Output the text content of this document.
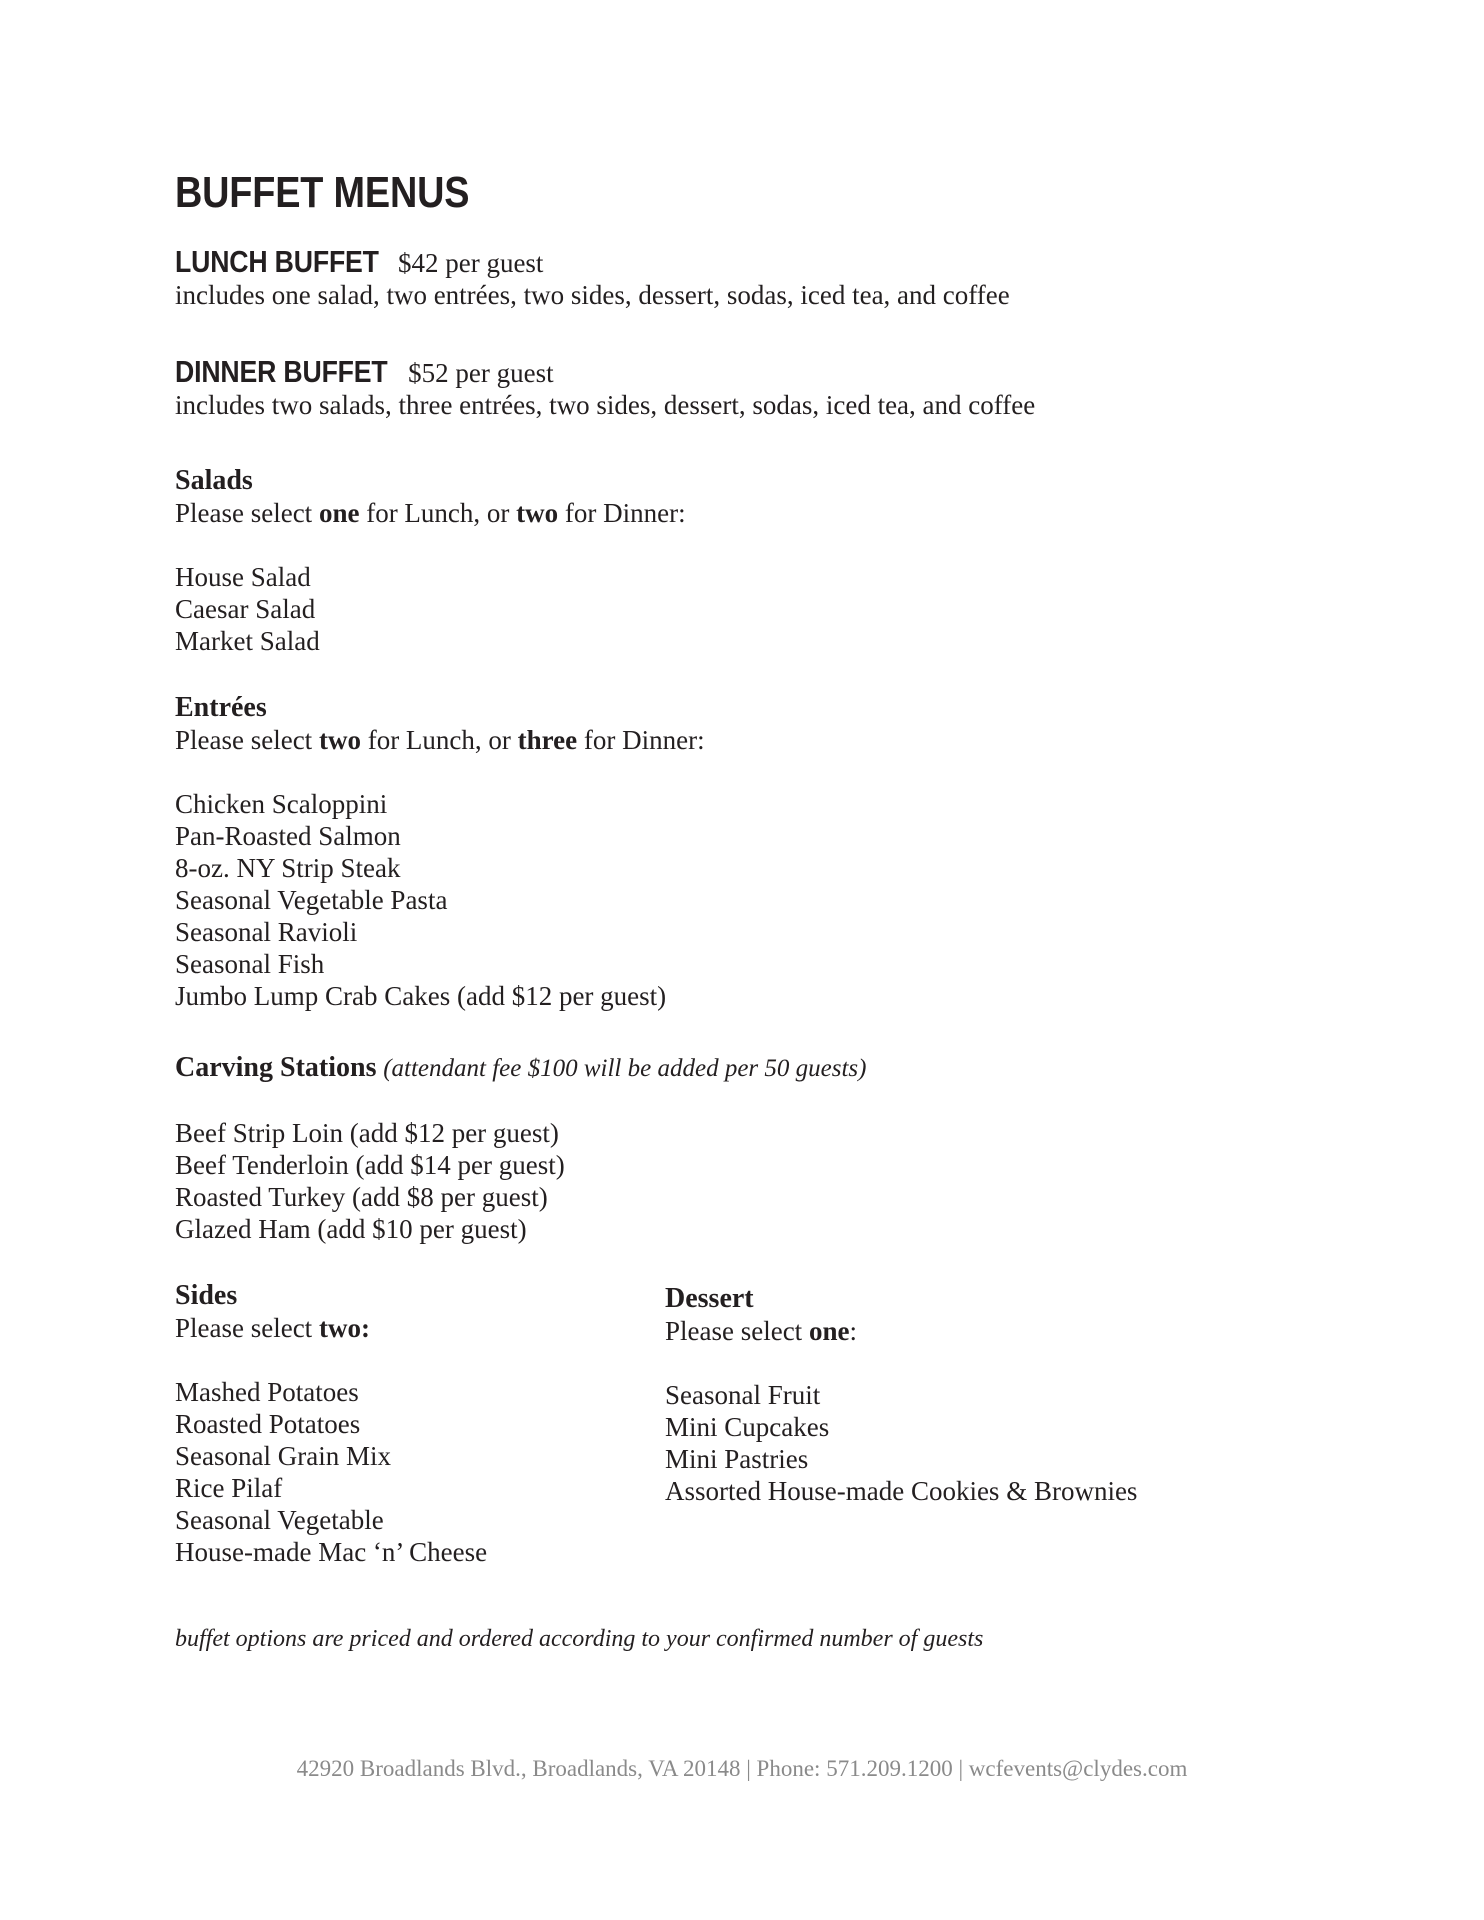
BUFFET MENUS
LUNCH BUFFET $42 per guest
includes one salad, two entrées, two sides, dessert, sodas, iced tea, and coffee
DINNER BUFFET $52 per guest
includes two salads, three entrées, two sides, dessert, sodas, iced tea, and coffee
Salads
Please select one for Lunch, or two for Dinner:
House Salad
Caesar Salad
Market Salad
Entrées
Please select two for Lunch, or three for Dinner:
Chicken Scaloppini
Pan-Roasted Salmon
8-oz. NY Strip Steak
Seasonal Vegetable Pasta
Seasonal Ravioli
Seasonal Fish
Jumbo Lump Crab Cakes (add $12 per guest)
Carving Stations (attendant fee $100 will be added per 50 guests)
Beef Strip Loin (add $12 per guest)
Beef Tenderloin (add $14 per guest)
Roasted Turkey (add $8 per guest)
Glazed Ham (add $10 per guest)
Sides
Please select two:
Mashed Potatoes
Roasted Potatoes
Seasonal Grain Mix
Rice Pilaf
Seasonal Vegetable
House-made Mac ‘n’ Cheese
Dessert
Please select one:
Seasonal Fruit
Mini Cupcakes
Mini Pastries
Assorted House-made Cookies & Brownies
buffet options are priced and ordered according to your confirmed number of guests
42920 Broadlands Blvd., Broadlands, VA 20148 | Phone: 571.209.1200 | wcfevents@clydes.com
